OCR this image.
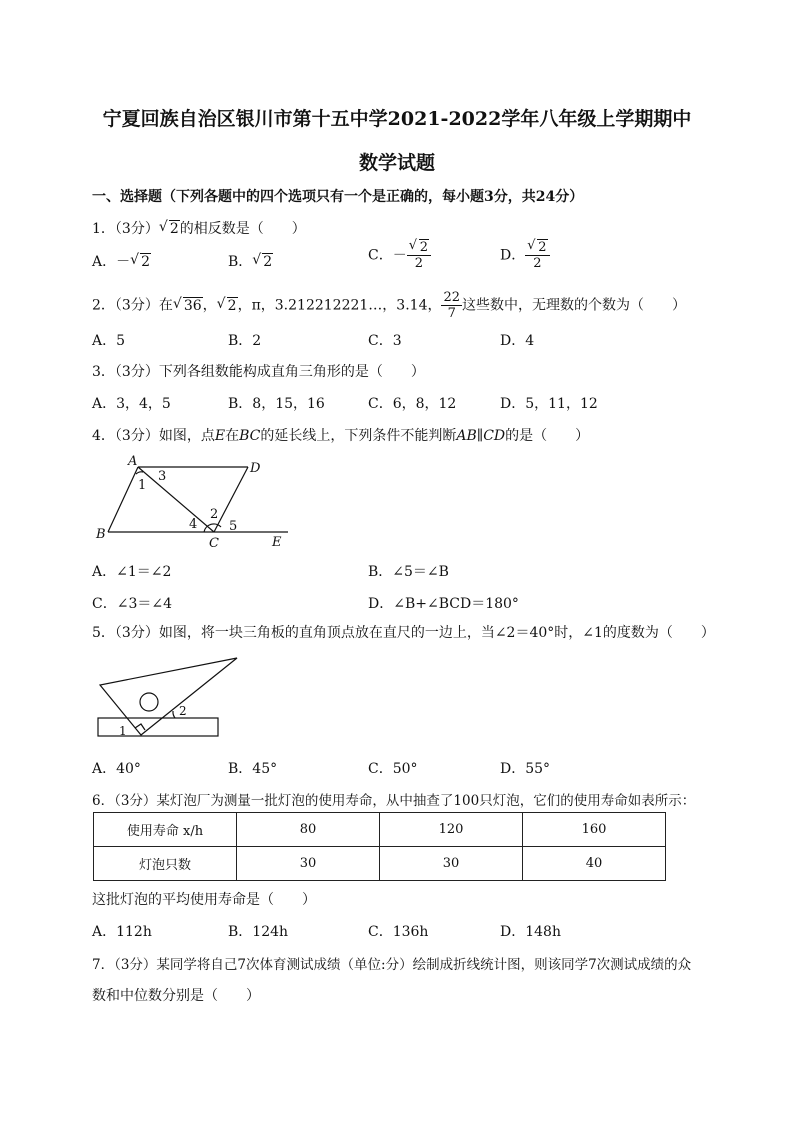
宁夏回族自治区银川市第十五中学2021-2022学年八年级上学期期中
数学试题
一、选择题（下列各题中的四个选项只有一个是正确的，每小题3分，共24分）
1．（3分） √ 2的相反数是（　　）
A．－ √ 2	B． √ 2	C．－ √ $\frac{2}{2}$	D． √ $\frac{2}{2}$
2．（3分）在 √ 36， √ 2，π，3.212212221…，3.14， $\frac{22}{7}$ 这些数中，无理数的个数为（　　）
A．5	B．2	C．3	D．4
3．（3分）下列各组数能构成直角三角形的是（　　）
A．3，4，5	B．8，15，16	C．6，8，12	D．5，11，12
4．（3分）如图，点E在BC的延长线上，下列条件不能判断AB∥CD的是（　　）
A	D
B
C	E
1
2
3
4 5
A．∠1＝∠2	B．∠5＝∠B
C．∠3＝∠4	D．∠B+∠BCD＝180°
5．（3分）如图，将一块三角板的直角顶点放在直尺的一边上，当∠2＝40°时，∠1的度数为（　　）
1
2
A．40°	B．45°	C．50°	D．55°
6．（3分）某灯泡厂为测量一批灯泡的使用寿命，从中抽查了100只灯泡，它们的使用寿命如表所示：
使用寿命 x/h	80	120	160
灯泡只数	30	30	40
这批灯泡的平均使用寿命是（　　）
A．112h	B．124h	C．136h	D．148h
7．（3分）某同学将自己7次体育测试成绩（单位:分）绘制成折线统计图，则该同学7次测试成绩的众
数和中位数分别是（　　）
